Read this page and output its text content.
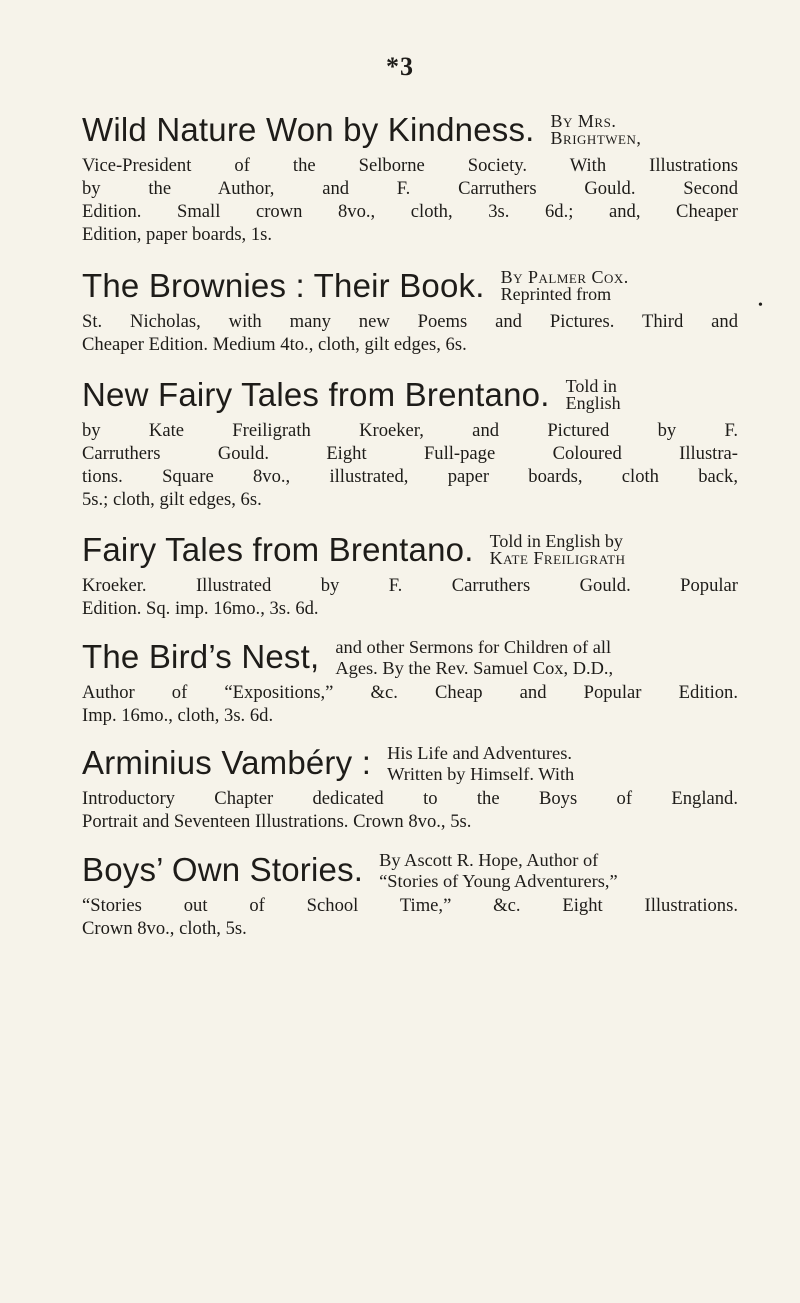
*3
Wild Nature Won by Kindness. By Mrs.
Brightwen,
Vice-President of the Selborne Society. With Illustrations
by the Author, and F. Carruthers Gould. Second
Edition. Small crown 8vo., cloth, 3s. 6d.; and, Cheaper
Edition, paper boards, 1s.
The Brownies : Their Book. By Palmer Cox.
Reprinted from
St. Nicholas, with many new Poems and Pictures. Third and
Cheaper Edition. Medium 4to., cloth, gilt edges, 6s.
•
New Fairy Tales from Brentano. Told in
English
by Kate Freiligrath Kroeker, and Pictured by F.
Carruthers Gould. Eight Full-page Coloured Illustra-
tions. Square 8vo., illustrated, paper boards, cloth back,
5s.; cloth, gilt edges, 6s.
Fairy Tales from Brentano. Told in English by
Kate Freiligrath
Kroeker. Illustrated by F. Carruthers Gould. Popular
Edition. Sq. imp. 16mo., 3s. 6d.
The Bird’s Nest, and other Sermons for Children of all
Ages. By the Rev. Samuel Cox, D.D.,
Author of “Expositions,” &c. Cheap and Popular Edition.
Imp. 16mo., cloth, 3s. 6d.
Arminius Vambéry : His Life and Adventures.
Written by Himself. With
Introductory Chapter dedicated to the Boys of England.
Portrait and Seventeen Illustrations. Crown 8vo., 5s.
Boys’ Own Stories. By Ascott R. Hope, Author of
“Stories of Young Adventurers,”
“Stories out of School Time,” &c. Eight Illustrations.
Crown 8vo., cloth, 5s.
